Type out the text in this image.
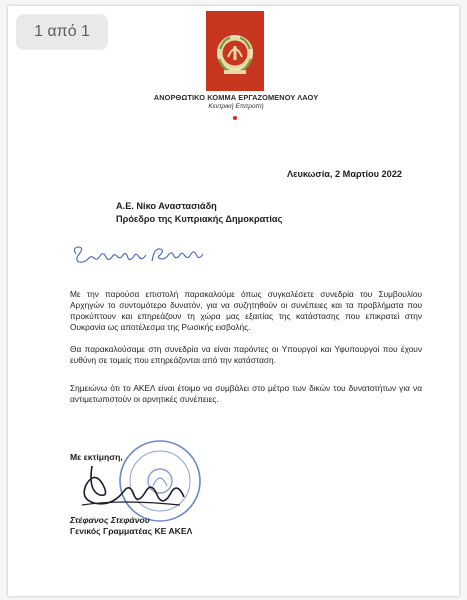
ΑΝΟΡΘΩΤΙΚΟ ΚΟΜΜΑ ΕΡΓΑΖΟΜΕΝΟΥ ΛΑΟΥ
Κεντρική Επιτροπή
Λευκωσία, 2 Μαρτίου 2022
Α.Ε. Νίκο Αναστασιάδη
Πρόεδρο της Κυπριακής Δημοκρατίας
Με την παρούσα επιστολή παρακαλούμε όπως συγκαλέσετε συνεδρία του Συμβουλίου Αρχηγών το συντομότερο δυνατόν, για να συζητηθούν οι συνέπειες και τα προβλήματα που προκύπτουν και επηρεάζουν τη χώρα μας εξαιτίας της κατάστασης που επικρατεί στην Ουκρανία ως αποτέλεσμα της Ρωσικής εισβολής.
Θα παρακαλούσαμε στη συνεδρία να είναι παρόντες οι Υπουργοί και Υφυπουργοί που έχουν ευθύνη σε τομείς που επηρεάζονται από την κατάσταση.
Σημειώνω ότι το ΑΚΕΛ είναι έτοιμο να συμβάλει στο μέτρο των δικών του δυνατοτήτων για να αντιμετωπιστούν οι αρνητικές συνέπειες.
Με εκτίμηση,
Στέφανος Στεφάνου
Γενικός Γραμματέας ΚΕ ΑΚΕΛ
1 από 1
